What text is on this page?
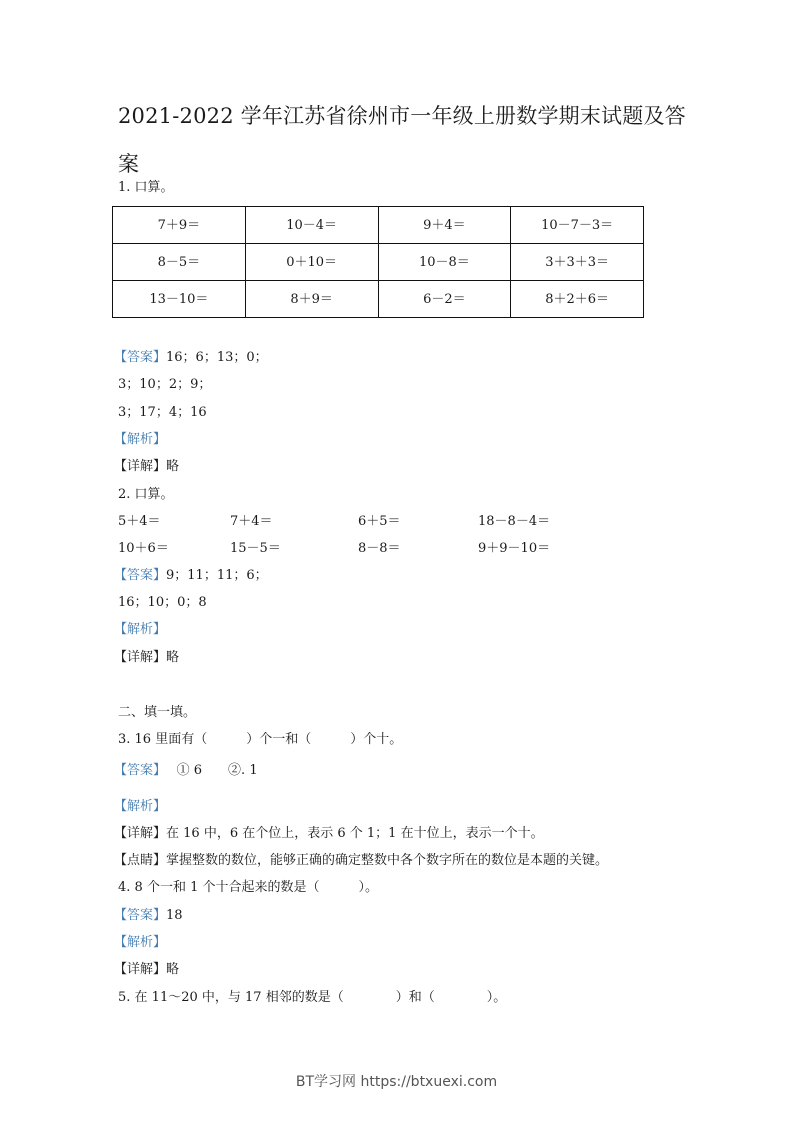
2021-2022 学年江苏省徐州市一年级上册数学期末试题及答案
1. 口算。
7＋9＝	10－4＝	9＋4＝	10－7－3＝
8－5＝	0＋10＝	10－8＝	3＋3＋3＝
13－10＝	8＋9＝	6－2＝	8＋2＋6＝
【答案】16；6；13；0；
3；10；2；9；
3；17；4；16
【解析】
【详解】略
2. 口算。
5＋4＝	7＋4＝	6＋5＝	18－8－4＝
10＋6＝	15－5＝	8－8＝	9＋9－10＝
【答案】9；11；11；6；
16；10；0；8
【解析】
【详解】略
二、填一填。
3. 16 里面有（　　　）个一和（　　　）个十。
【答案】　 ① 6　　②. 1
【解析】
【详解】在 16 中，6 在个位上，表示 6 个 1；1 在十位上，表示一个十。
【点睛】掌握整数的数位，能够正确的确定整数中各个数字所在的数位是本题的关键。
4. 8 个一和 1 个十合起来的数是（　　　）。
【答案】18
【解析】
【详解】略
5. 在 11～20 中，与 17 相邻的数是（　　　　）和（　　　　）。
BT学习网 https://btxuexi.com
